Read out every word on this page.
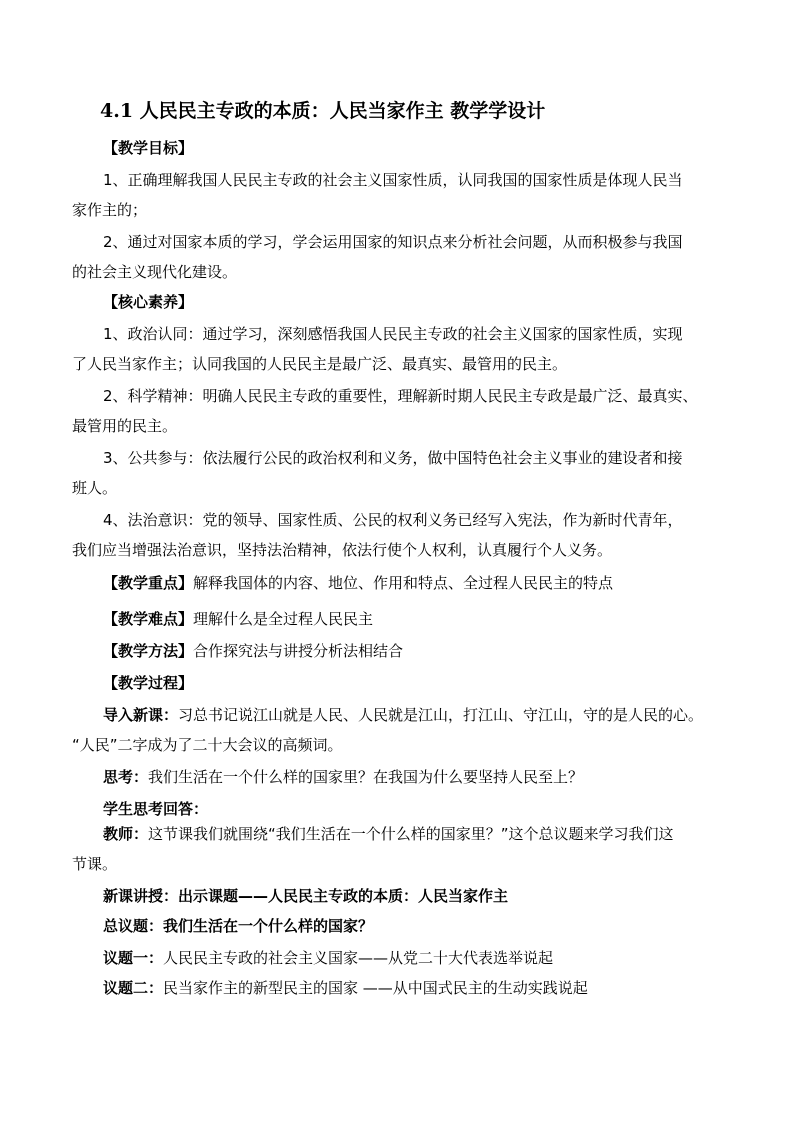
4.1 人民民主专政的本质：人民当家作主 教学学设计
【教学目标】
1、正确理解我国人民民主专政的社会主义国家性质，认同我国的国家性质是体现人民当
家作主的；
2、通过对国家本质的学习，学会运用国家的知识点来分析社会问题，从而积极参与我国
的社会主义现代化建设。
【核心素养】
1、政治认同：通过学习，深刻感悟我国人民民主专政的社会主义国家的国家性质，实现
了人民当家作主；认同我国的人民民主是最广泛、最真实、最管用的民主。
2、科学精神：明确人民民主专政的重要性，理解新时期人民民主专政是最广泛、最真实、
最管用的民主。
3、公共参与：依法履行公民的政治权利和义务，做中国特色社会主义事业的建设者和接
班人。
4、法治意识：党的领导、国家性质、公民的权利义务已经写入宪法，作为新时代青年，
我们应当增强法治意识，坚持法治精神，依法行使个人权利，认真履行个人义务。
【教学重点】解释我国体的内容、地位、作用和特点、全过程人民民主的特点
【教学难点】理解什么是全过程人民民主
【教学方法】合作探究法与讲授分析法相结合
【教学过程】
导入新课：习总书记说江山就是人民、人民就是江山，打江山、守江山，守的是人民的心。
“人民”二字成为了二十大会议的高频词。
思考：我们生活在一个什么样的国家里？在我国为什么要坚持人民至上？
学生思考回答：
教师：这节课我们就围绕“我们生活在一个什么样的国家里？”这个总议题来学习我们这
节课。
新课讲授：出示课题——人民民主专政的本质：人民当家作主
总议题：我们生活在一个什么样的国家？
议题一：人民民主专政的社会主义国家——从党二十大代表选举说起
议题二：民当家作主的新型民主的国家 ——从中国式民主的生动实践说起
